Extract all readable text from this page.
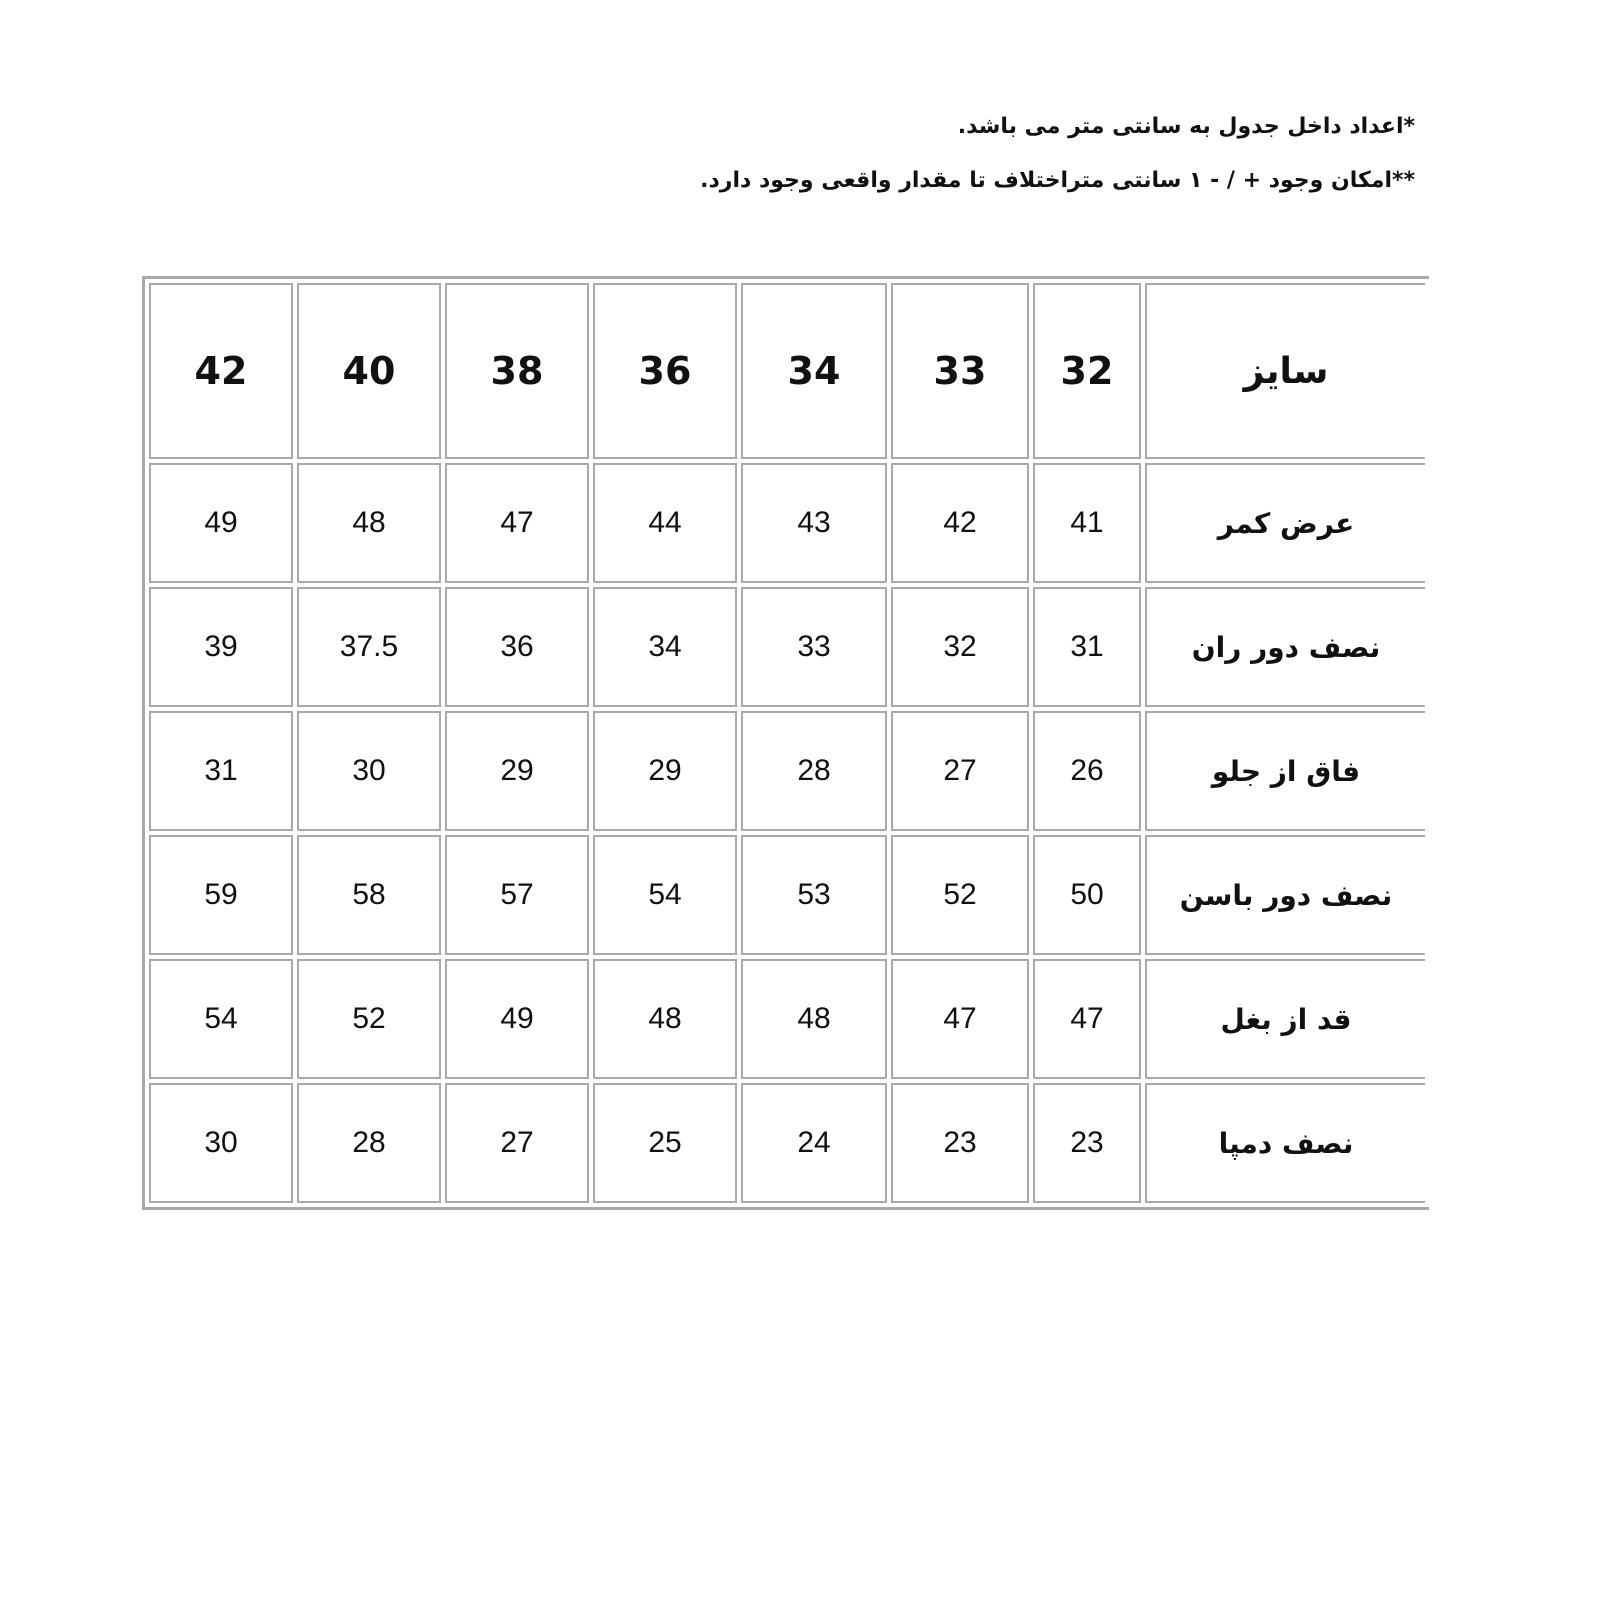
*اعداد داخل جدول به سانتی متر می باشد.

**امکان وجود + / - ۱ سانتی متراختلاف تا مقدار واقعی وجود دارد.

سایز	32	33	34	36	38	40	42
عرض کمر	41	42	43	44	47	48	49
نصف دور ران	31	32	33	34	36	37.5	39
فاق از جلو	26	27	28	29	29	30	31
نصف دور باسن	50	52	53	54	57	58	59
قد از بغل	47	47	48	48	49	52	54
نصف دمپا	23	23	24	25	27	28	30
